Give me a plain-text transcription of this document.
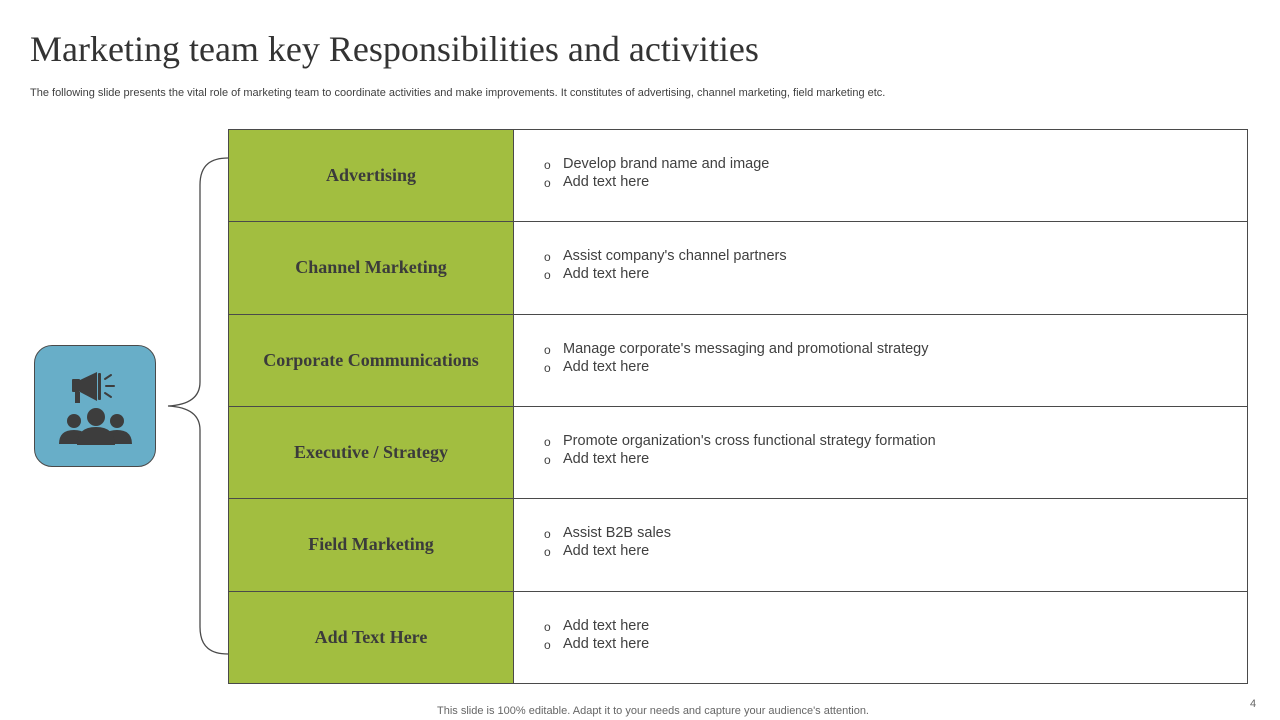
Marketing team key Responsibilities and activities

The following slide presents the vital role of marketing team to coordinate activities and make improvements. It constitutes of advertising, channel marketing, field marketing etc.

Advertising
o Develop brand name and image
o Add text here
Channel Marketing
o Assist company's channel partners
o Add text here
Corporate Communications
o Manage corporate's messaging and promotional strategy
o Add text here
Executive / Strategy
o Promote organization's cross functional strategy formation
o Add text here
Field Marketing
o Assist B2B sales
o Add text here
Add Text Here
o Add text here
o Add text here
This slide is 100% editable. Adapt it to your needs and capture your audience's attention.
4
